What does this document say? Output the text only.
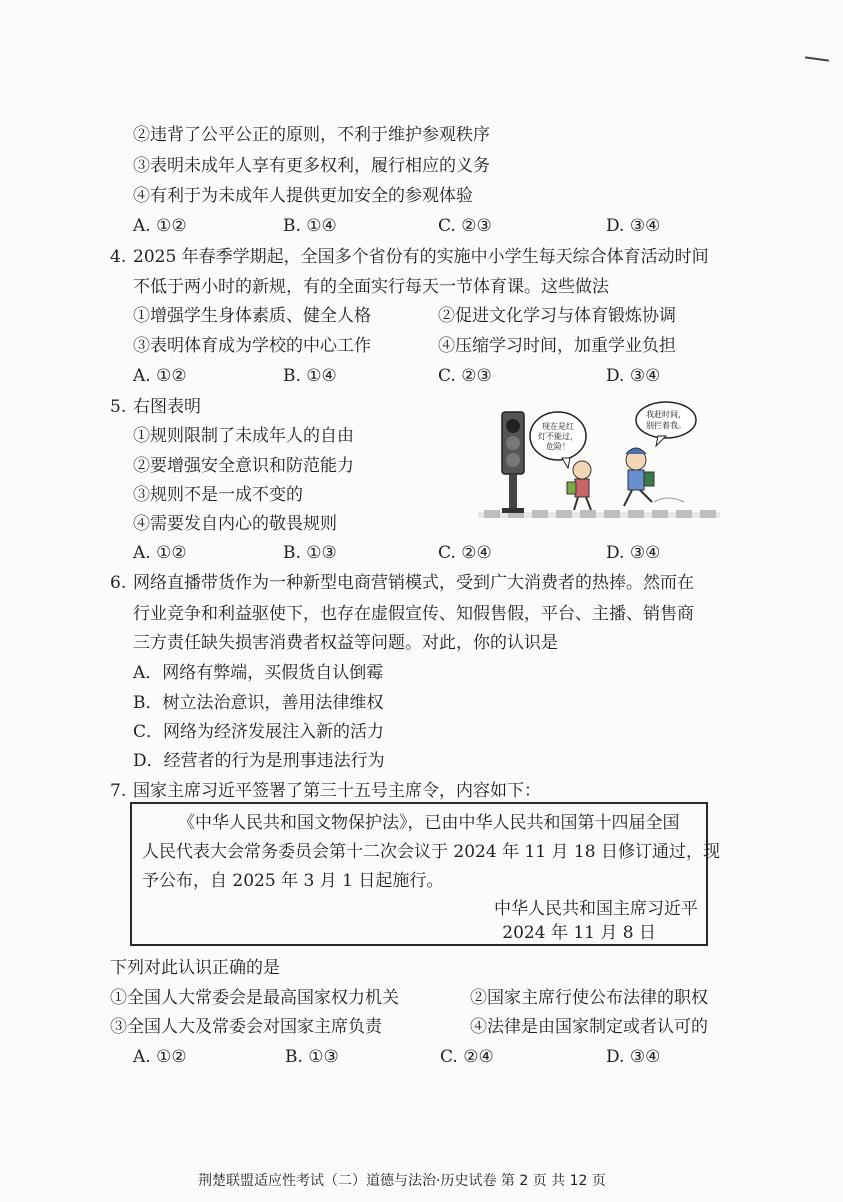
②违背了公平公正的原则，不利于维护参观秩序
③表明未成年人享有更多权利，履行相应的义务
④有利于为未成年人提供更加安全的参观体验
A. ①②	B. ①④	C. ②③	D. ③④
4. 2025 年春季学期起，全国多个省份有的实施中小学生每天综合体育活动时间
不低于两小时的新规，有的全面实行每天一节体育课。这些做法
①增强学生身体素质、健全人格	②促进文化学习与体育锻炼协调
③表明体育成为学校的中心工作	④压缩学习时间，加重学业负担
A. ①②	B. ①④	C. ②③	D. ③④
5. 右图表明
①规则限制了未成年人的自由
②要增强安全意识和防范能力
③规则不是一成不变的
④需要发自内心的敬畏规则
A. ①②	B. ①③	C. ②④	D. ③④
现在是红
灯不能过，
危险！
我赶时间，
别拦着我。
6. 网络直播带货作为一种新型电商营销模式，受到广大消费者的热捧。然而在
行业竞争和利益驱使下，也存在虚假宣传、知假售假，平台、主播、销售商
三方责任缺失损害消费者权益等问题。对此，你的认识是
A．网络有弊端，买假货自认倒霉
B．树立法治意识，善用法律维权
C．网络为经济发展注入新的活力
D．经营者的行为是刑事违法行为
7. 国家主席习近平签署了第三十五号主席令，内容如下：
《中华人民共和国文物保护法》，已由中华人民共和国第十四届全国
人民代表大会常务委员会第十二次会议于 2024 年 11 月 18 日修订通过，现
予公布，自 2025 年 3 月 1 日起施行。
中华人民共和国主席习近平
2024 年 11 月 8 日
下列对此认识正确的是
①全国人大常委会是最高国家权力机关	②国家主席行使公布法律的职权
③全国人大及常委会对国家主席负责	④法律是由国家制定或者认可的
A. ①②	B. ①③	C. ②④	D. ③④
荆楚联盟适应性考试（二）道德与法治·历史试卷 第 2 页 共 12 页
